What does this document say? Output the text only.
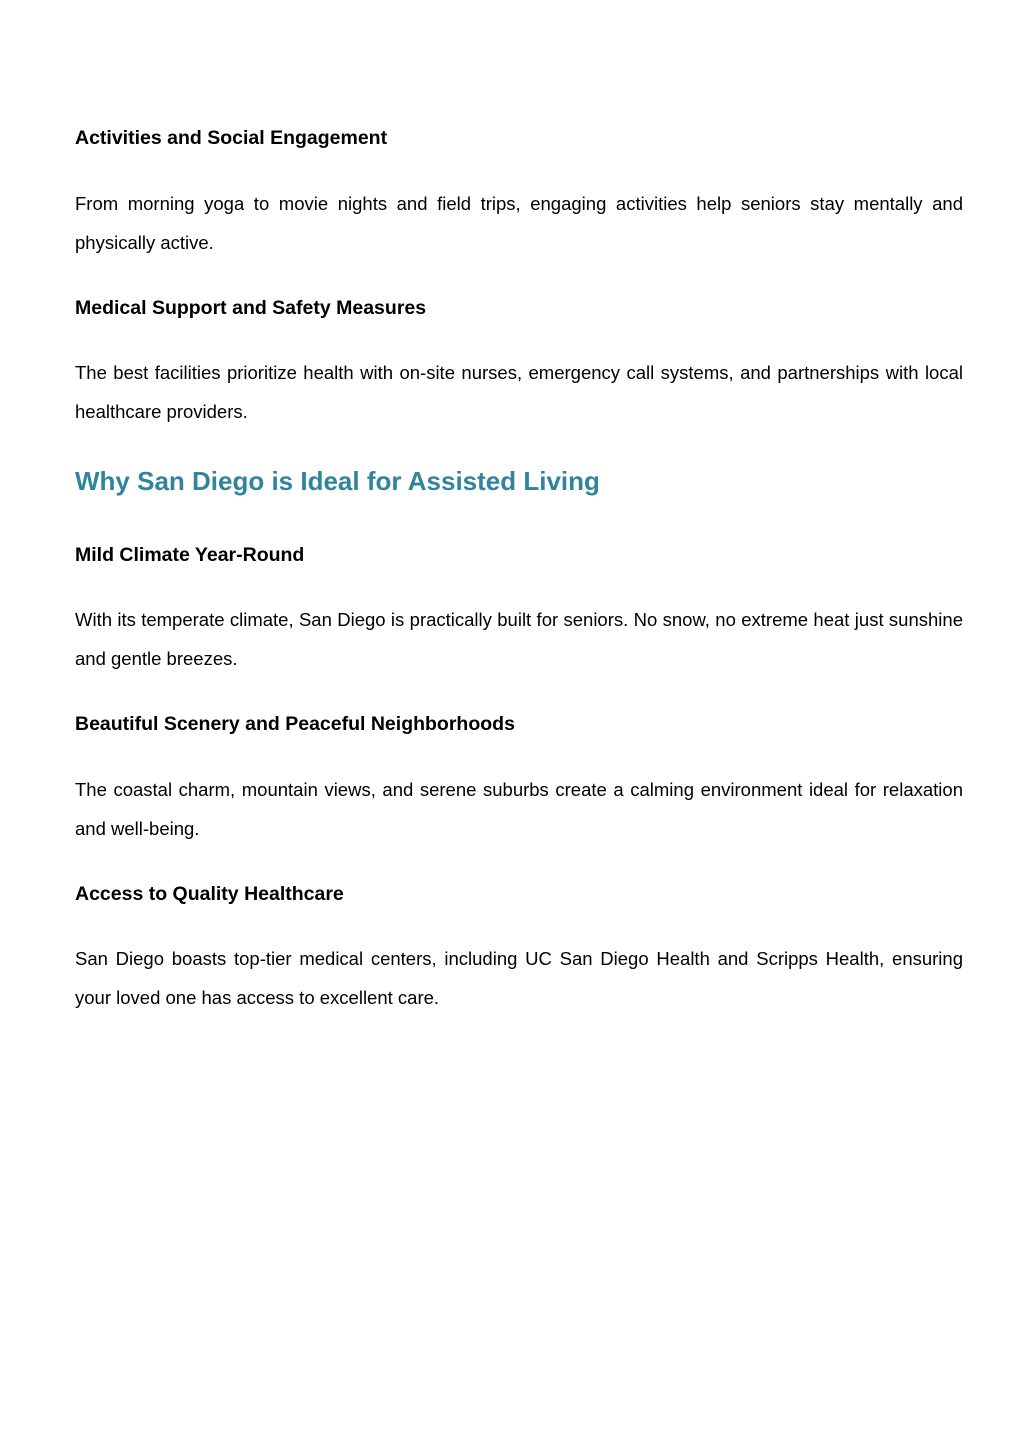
Activities and Social Engagement

From morning yoga to movie nights and field trips, engaging activities help seniors stay mentally and physically active.

Medical Support and Safety Measures

The best facilities prioritize health with on-site nurses, emergency call systems, and partnerships with local healthcare providers.

Why San Diego is Ideal for Assisted Living
Mild Climate Year-Round

With its temperate climate, San Diego is practically built for seniors. No snow, no extreme heat just sunshine and gentle breezes.

Beautiful Scenery and Peaceful Neighborhoods

The coastal charm, mountain views, and serene suburbs create a calming environment ideal for relaxation and well-being.

Access to Quality Healthcare

San Diego boasts top-tier medical centers, including UC San Diego Health and Scripps Health, ensuring your loved one has access to excellent care.
